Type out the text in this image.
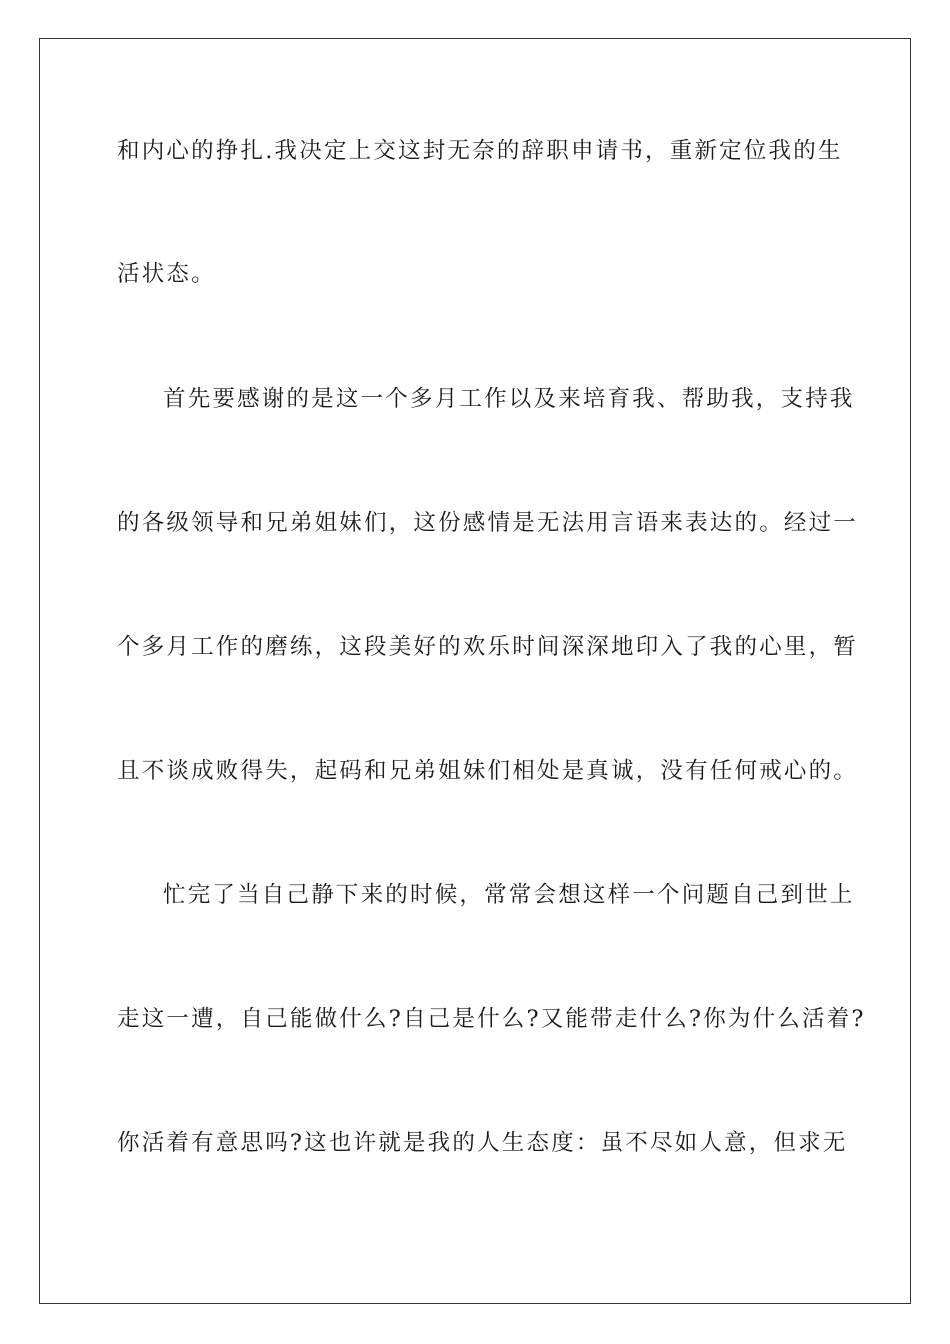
和内心的挣扎.我决定上交这封无奈的辞职申请书，重新定位我的生
活状态。
首先要感谢的是这一个多月工作以及来培育我、帮助我，支持我
的各级领导和兄弟姐妹们，这份感情是无法用言语来表达的。经过一
个多月工作的磨练，这段美好的欢乐时间深深地印入了我的心里，暂
且不谈成败得失，起码和兄弟姐妹们相处是真诚，没有任何戒心的。
忙完了当自己静下来的时候，常常会想这样一个问题自己到世上
走这一遭，自己能做什么?自己是什么?又能带走什么?你为什么活着?
你活着有意思吗?这也许就是我的人生态度：虽不尽如人意，但求无
